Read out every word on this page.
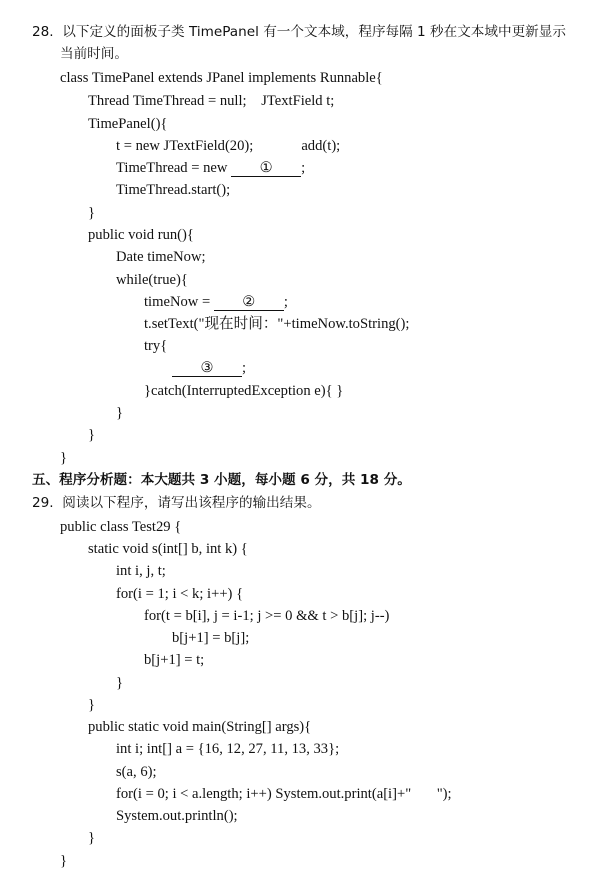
28. 以下定义的面板子类 TimePanel 有一个文本域，程序每隔 1 秒在文本域中更新显示
当前时间。
class TimePanel extends JPanel implements Runnable{
Thread TimeThread = null;    JTextField t;
TimePanel(){
t = new JTextField(20);	add(t);
TimeThread = new ① ;
TimeThread.start();
}
public void run(){
Date timeNow;
while(true){
timeNow = ② ;
t.setText("现在时间："+timeNow.toString();
try{
③ ;
}catch(InterruptedException e){ }
}
}
}
五、程序分析题：本大题共 3 小题，每小题 6 分，共 18 分。
29. 阅读以下程序，请写出该程序的输出结果。
public class Test29 {
static void s(int[] b, int k) {
int i, j, t;
for(i = 1; i < k; i++) {
for(t = b[i], j = i-1; j >= 0 && t > b[j]; j--)
b[j+1] = b[j];
b[j+1] = t;
}
}
public static void main(String[] args){
int i; int[] a = {16, 12, 27, 11, 13, 33};
s(a, 6);
for(i = 0; i < a.length; i++) System.out.print(a[i]+"       ");
System.out.println();
}
}
